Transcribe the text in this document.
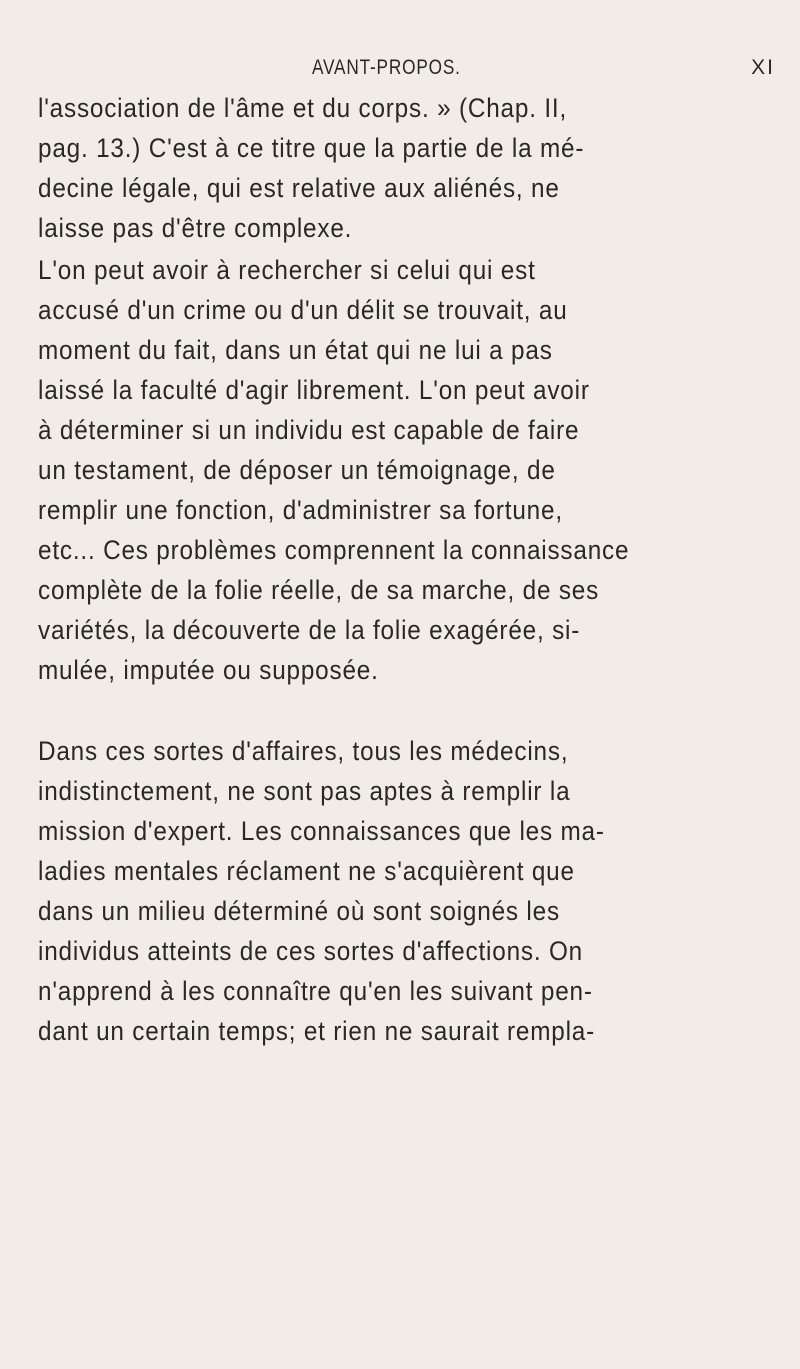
AVANT-PROPOS.	XI
l'association de l'âme et du corps. » (Chap. II,
pag. 13.) C'est à ce titre que la partie de la mé-
decine légale, qui est relative aux aliénés, ne
laisse pas d'être complexe.
L'on peut avoir à rechercher si celui qui est
accusé d'un crime ou d'un délit se trouvait, au
moment du fait, dans un état qui ne lui a pas
laissé la faculté d'agir librement. L'on peut avoir
à déterminer si un individu est capable de faire
un testament, de déposer un témoignage, de
remplir une fonction, d'administrer sa fortune,
etc... Ces problèmes comprennent la connaissance
complète de la folie réelle, de sa marche, de ses
variétés, la découverte de la folie exagérée, si-
mulée, imputée ou supposée.
Dans ces sortes d'affaires, tous les médecins,
indistinctement, ne sont pas aptes à remplir la
mission d'expert. Les connaissances que les ma-
ladies mentales réclament ne s'acquièrent que
dans un milieu déterminé où sont soignés les
individus atteints de ces sortes d'affections. On
n'apprend à les connaître qu'en les suivant pen-
dant un certain temps; et rien ne saurait rempla-
